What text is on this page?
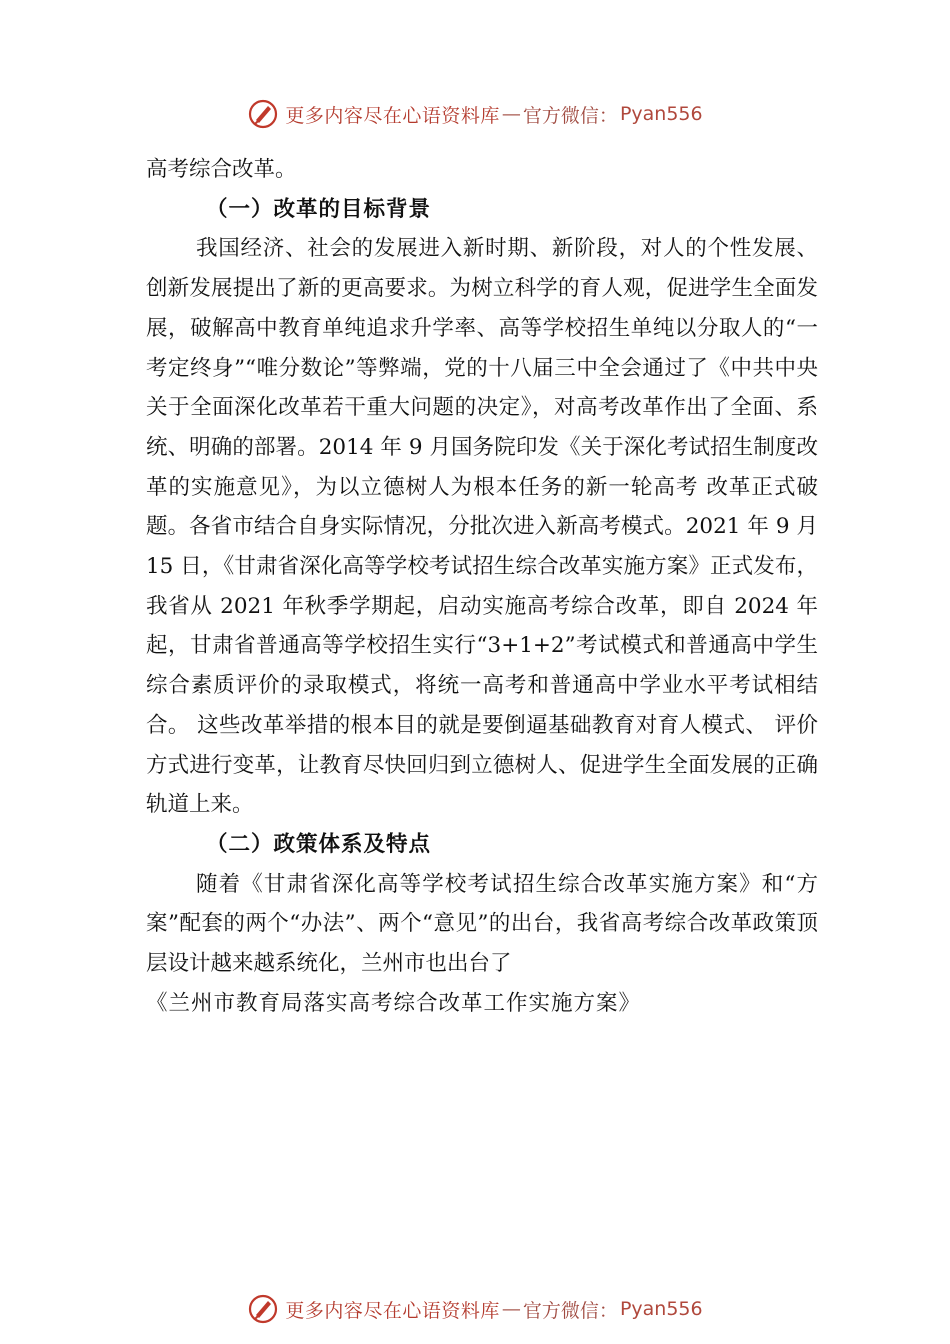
更多内容尽在心语资料库 — 官方微信： Pyan556

高考综合改革。

（一）改革的目标背景

我国经济、社会的发展进入新时期、新阶段，对人的个性发展、创新发展提出了新的更高要求。为树立科学的育人观，促进学生全面发展，破解高中教育单纯追求升学率、高等学校招生单纯以分取人的“一考定终身”“唯分数论”等弊端，党的十八届三中全会通过了《中共中央关于全面深化改革若干重大问题的决定》，对高考改革作出了全面、系统、明确的部署。2014 年 9 月国务院印发《关于深化考试招生制度改革的实施意见》，为以立德树人为根本任务的新一轮高考 改革正式破题。各省市结合自身实际情况，分批次进入新高考模式。2021 年 9 月 15 日，《甘肃省深化高等学校考试招生综合改革实施方案》正式发布，我省从 2021 年秋季学期起，启动实施高考综合改革，即自 2024 年起，甘肃省普通高等学校招生实行“3+1+2”考试模式和普通高中学生综合素质评价的录取模式，将统一高考和普通高中学业水平考试相结合。 这些改革举措的根本目的就是要倒逼基础教育对育人模式、 评价方式进行变革，让教育尽快回归到立德树人、促进学生全面发展的正确轨道上来。

（二）政策体系及特点

随着《甘肃省深化高等学校考试招生综合改革实施方案》和“方案”配套的两个“办法”、两个“意见”的出台，我省高考综合改革政策顶层设计越来越系统化，兰州市也出台了

《兰州市教育局落实高考综合改革工作实施方案》

更多内容尽在心语资料库 — 官方微信： Pyan556
